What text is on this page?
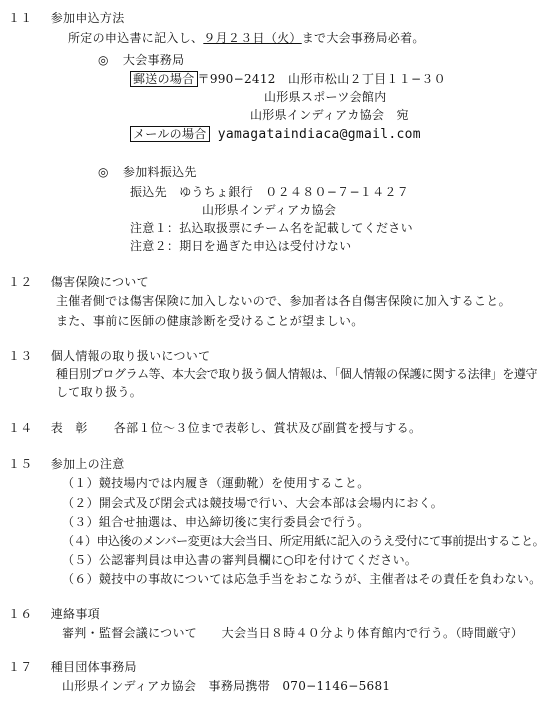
１１ 参加申込方法
所定の申込書に記入し、９月２３日（火）まで大会事務局必着。
◎ 大会事務局
郵送の場合 〒990−2412　山形市松山２丁目１１−３０
山形県スポーツ会館内
山形県インディアカ協会　宛
メールの場合 yamagataindiaca@gmail.com
◎ 参加料振込先
振込先　ゆうちょ銀行　０２４８０−７−１４２７
山形県インディアカ協会
注意１：払込取扱票にチーム名を記載してください
注意２：期日を過ぎた申込は受付けない
１２ 傷害保険について
主催者側では傷害保険に加入しないので、参加者は各自傷害保険に加入すること。
また、事前に医師の健康診断を受けることが望ましい。
１３ 個人情報の取り扱いについて
種目別プログラム等、本大会で取り扱う個人情報は、「個人情報の保護に関する法律」を遵守
して取り扱う。
１４ 表　彰 各部１位〜３位まで表彰し、賞状及び副賞を授与する。
１５ 参加上の注意
（１）競技場内では内履き（運動靴）を使用すること。
（２）開会式及び閉会式は競技場で行い、大会本部は会場内におく。
（３）組合せ抽選は、申込締切後に実行委員会で行う。
（４）申込後のメンバー変更は大会当日、所定用紙に記入のうえ受付にて事前提出すること。
（５）公認審判員は申込書の審判員欄に○印を付けてください。
（６）競技中の事故については応急手当をおこなうが、主催者はその責任を負わない。
１６ 連絡事項
審判・監督会議について　　大会当日８時４０分より体育館内で行う。（時間厳守）
１７ 種目団体事務局
山形県インディアカ協会　事務局携帯　070−1146−5681
